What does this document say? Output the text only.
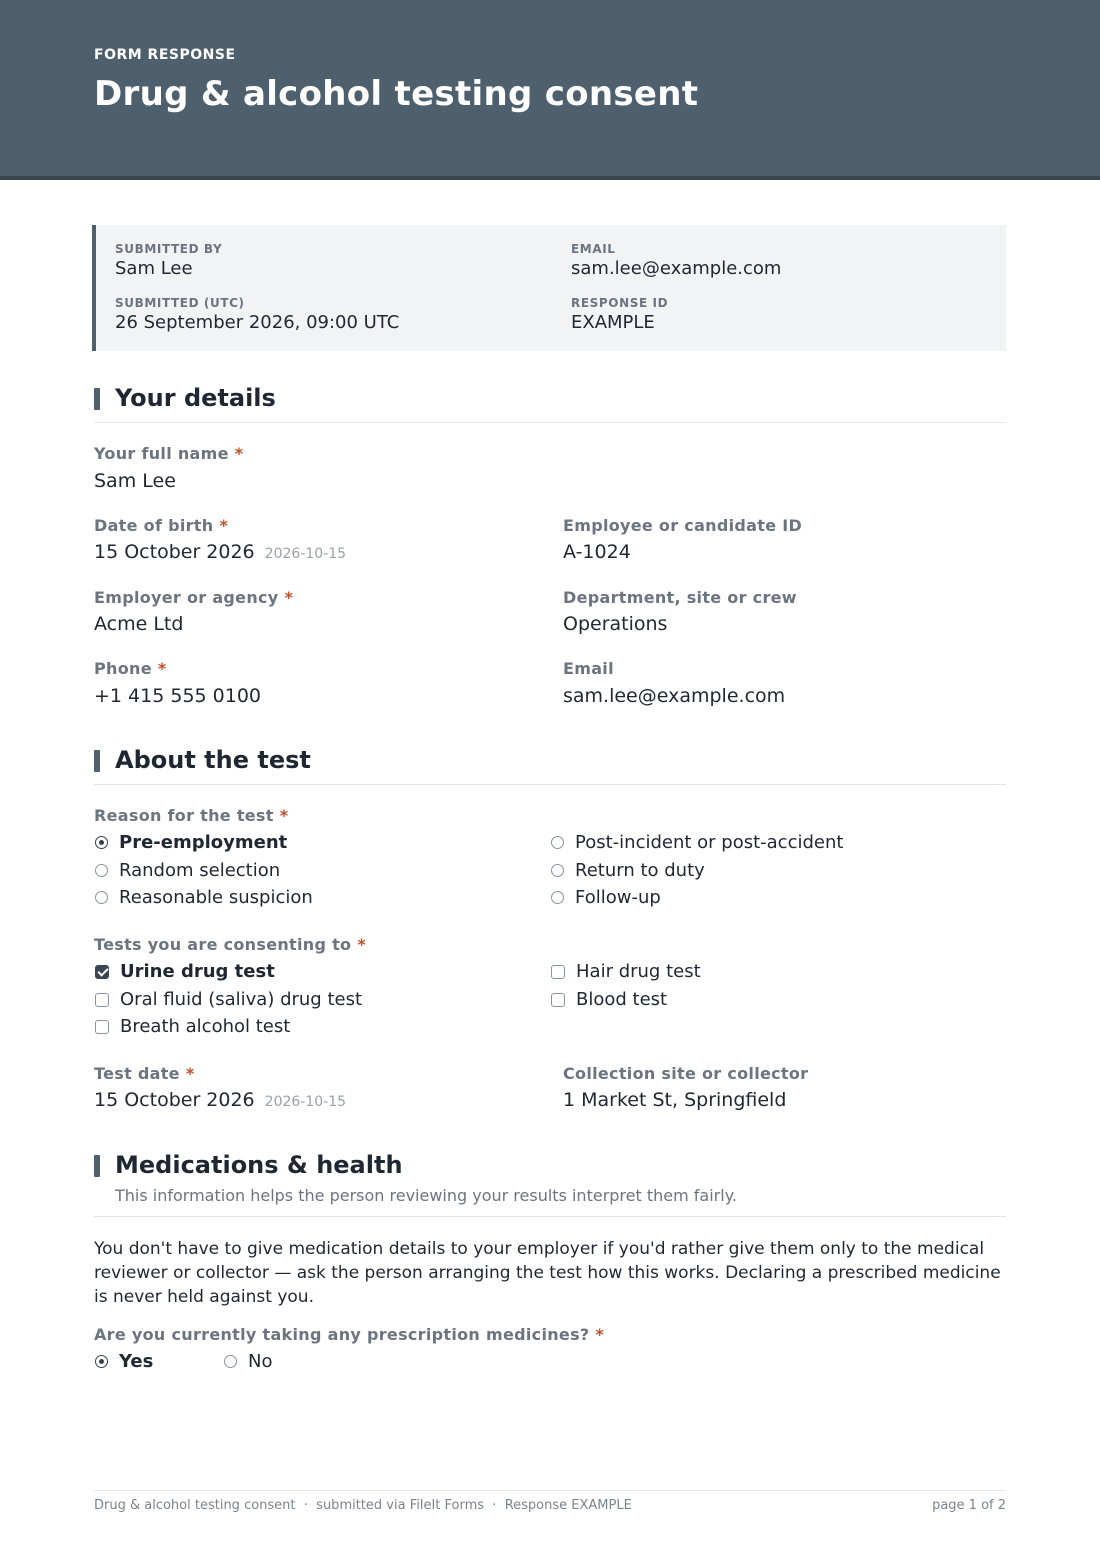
FORM RESPONSE
Drug & alcohol testing consent
SUBMITTED BY
Sam Lee
EMAIL
sam.lee@example.com
SUBMITTED (UTC)
26 September 2026, 09:00 UTC
RESPONSE ID
EXAMPLE
Your details
Your full name *
Sam Lee
Date of birth *
15 October 2026 2026-10-15
Employee or candidate ID
A-1024
Employer or agency *
Acme Ltd
Department, site or crew
Operations
Phone *
+1 415 555 0100
Email
sam.lee@example.com
About the test
Reason for the test *
Pre-employment
Random selection
Reasonable suspicion
Post-incident or post-accident
Return to duty
Follow-up
Tests you are consenting to *
Urine drug test
Oral fluid (saliva) drug test
Breath alcohol test
Hair drug test
Blood test
Test date *
15 October 2026 2026-10-15
Collection site or collector
1 Market St, Springfield
Medications & health
This information helps the person reviewing your results interpret them fairly.
You don't have to give medication details to your employer if you'd rather give them only to the medical reviewer or collector — ask the person arranging the test how this works. Declaring a prescribed medicine is never held against you.
Are you currently taking any prescription medicines? *
Yes	No
Drug & alcohol testing consent  ·  submitted via FileIt Forms  ·  Response EXAMPLE	page 1 of 2
